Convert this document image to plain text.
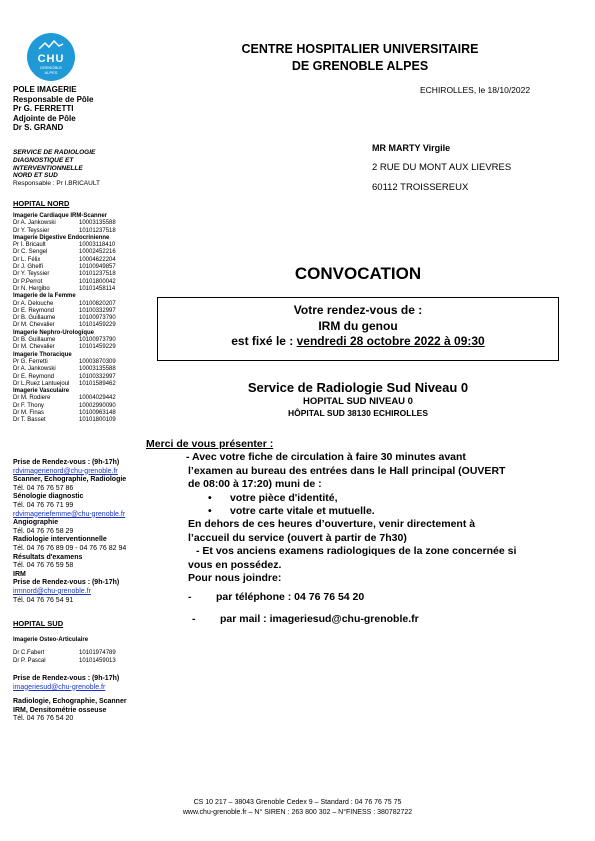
CHU
GRENOBLE
ALPES
CENTRE HOSPITALIER UNIVERSITAIRE
DE GRENOBLE ALPES
ECHIROLLES, le 18/10/2022
POLE IMAGERIE
Responsable de Pôle
Pr G. FERRETTI
Adjointe de Pôle
Dr S. GRAND
SERVICE DE RADIOLOGIE
DIAGNOSTIQUE ET
INTERVENTIONNELLE
NORD ET SUD
Responsable : Pr I.BRICAULT
HOPITAL NORD
Imagerie Cardiaque IRM-Scanner
Dr A. Jankowski	10003135588
Dr Y. Teyssier	10101237518
Imagerie Digestive Endocrinienne
Pr I. Bricault	10003118410
Dr C. Sengel	10002452216
Dr L. Félix	10004622204
Dr J. Ghelfi	10100949857
Dr Y. Teyssier	10101237518
Dr P.Perrot	10101800042
Dr N. Hergibo	10101458114
Imagerie de la Femme
Dr A. Delouche	10100820207
Dr E. Reymond	10100332997
Dr B. Guillaume	10100973790
Dr M. Chevalier	10101459229
Imagerie Nephro-Urologique
Dr B. Guillaume	10100973790
Dr M. Chevalier	10101459229
Imagerie Thoracique
Pr G. Ferretti	10003870309
Dr A. Jankowski	10003135588
Dr E. Reymond	10100332997
Dr L.Ruez Lantuejoul	10101589462
Imagerie Vasculaire
Dr M. Rodiere	10004029442
Dr F. Thony	10002990090
Dr M. Finas	10100963148
Dr T. Basset	10101800109
Prise de Rendez-vous : (9h-17h)
rdvimagerienord@chu-grenoble.fr
Scanner, Echographie, Radiologie
Tél. 04 76 76 57 86
Sénologie diagnostic
Tél. 04 76 76 71 99
rdvimageriefemme@chu-grenoble.fr
Angiographie
Tél. 04 76 76 58 29
Radiologie interventionnelle
Tél. 04 76 76 89 09 - 04 76 76 82 94
Résultats d'examens
Tél. 04 76 76 59 58
IRM
Prise de Rendez-vous : (9h-17h)
irmnord@chu-grenoble.fr
Tél. 04 76 76 54 91
HOPITAL SUD
Imagerie Osteo-Articulaire
Dr C.Fabert	10101974789
Dr P. Pascal	10101459013
Prise de Rendez-vous : (9h-17h)
imageriesud@chu-grenoble.fr
Radiologie, Echographie, Scanner
IRM, Densitométrie osseuse
Tél. 04 76 76 54 20
MR MARTY Virgile
2 RUE DU MONT AUX LIEVRES
60112 TROISSEREUX
CONVOCATION
Votre rendez-vous de :
IRM du genou
est fixé le : vendredi 28 octobre 2022 à 09:30
Service de Radiologie Sud Niveau 0
HOPITAL SUD NIVEAU 0
HÔPITAL SUD 38130 ECHIROLLES
Merci de vous présenter :
- Avec votre fiche de circulation à faire 30 minutes avant
l’examen au bureau des entrées dans le Hall principal (OUVERT
de 08:00 à 17:20) muni de :
•	votre pièce d'identité,
•	votre carte vitale et mutuelle.
En dehors de ces heures d’ouverture, venir directement à
l’accueil du service (ouvert à partir de 7h30)
- Et vos anciens examens radiologiques de la zone concernée si
vous en possédez.
Pour nous joindre:
-	par téléphone : 04 76 76 54 20
-	par mail : imageriesud@chu-grenoble.fr
CS 10 217 – 38043 Grenoble Cedex 9 – Standard : 04 76 76 75 75
www.chu-grenoble.fr – N° SIREN : 263 800 302 – N°FINESS : 380782722
